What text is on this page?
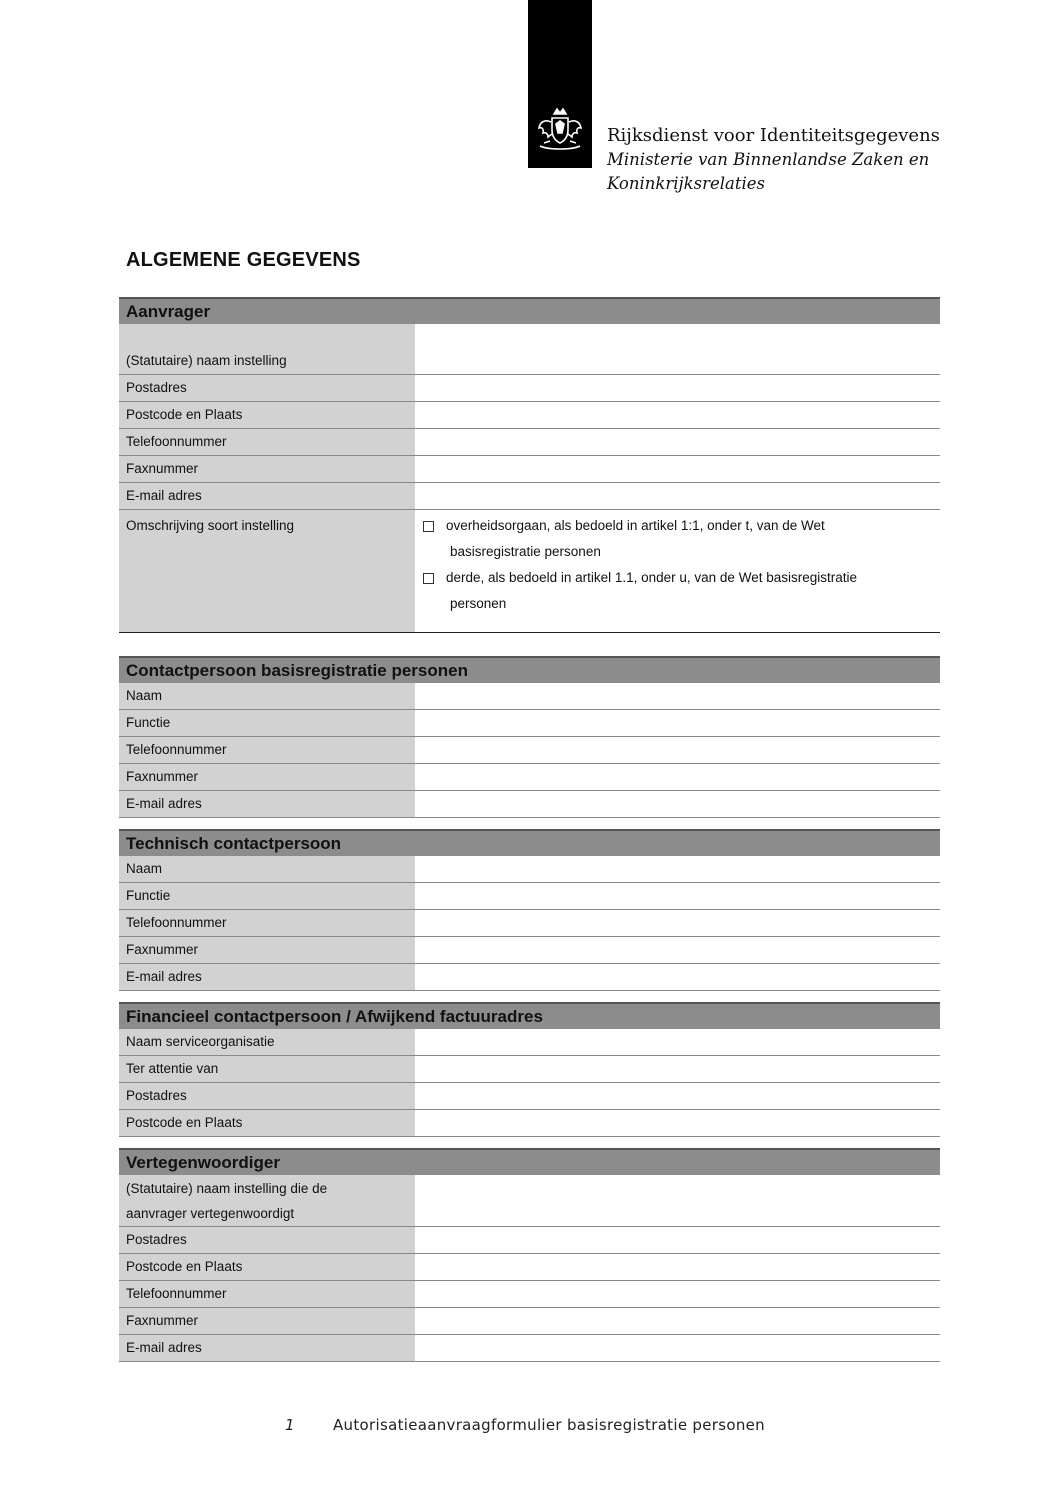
Rijksdienst voor Identiteitsgegevens
Ministerie van Binnenlandse Zaken en
Koninkrijksrelaties
ALGEMENE GEGEVENS
Aanvrager
(Statutaire) naam instelling
Postadres
Postcode en Plaats
Telefoonnummer
Faxnummer
E-mail adres
Omschrijving soort instelling	overheidsorgaan, als bedoeld in artikel 1:1, onder t, van de Wet
basisregistratie personen
derde, als bedoeld in artikel 1.1, onder u, van de Wet basisregistratie
personen
Contactpersoon basisregistratie personen
Naam
Functie
Telefoonnummer
Faxnummer
E-mail adres
Technisch contactpersoon
Naam
Functie
Telefoonnummer
Faxnummer
E-mail adres
Financieel contactpersoon / Afwijkend factuuradres
Naam serviceorganisatie
Ter attentie van
Postadres
Postcode en Plaats
Vertegenwoordiger
(Statutaire) naam instelling die de
aanvrager vertegenwoordigt
Postadres
Postcode en Plaats
Telefoonnummer
Faxnummer
E-mail adres
1	Autorisatieaanvraagformulier basisregistratie personen
